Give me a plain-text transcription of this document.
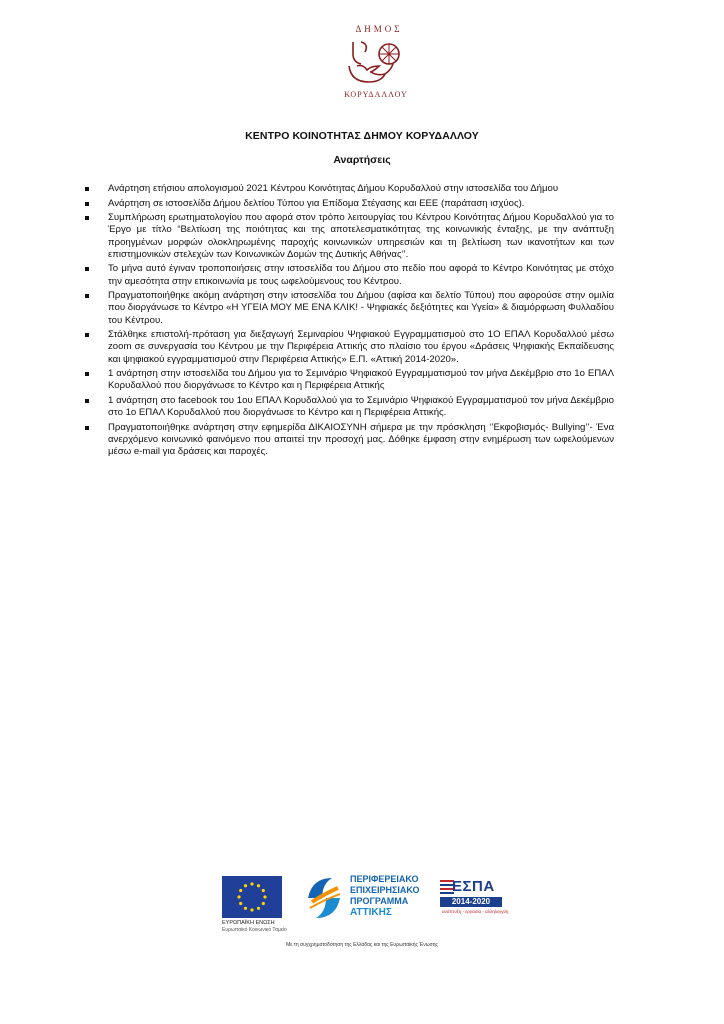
ΔΗΜΟΣ
ΚΟΡΥΔΑΛΛΟΥ
ΚΕΝΤΡΟ ΚΟΙΝΟΤΗΤΑΣ ΔΗΜΟΥ ΚΟΡΥΔΑΛΛΟΥ
Αναρτήσεις
Ανάρτηση ετήσιου απολογισμού 2021 Κέντρου Κοινότητας Δήμου Κορυδαλλού στην ιστοσελίδα του Δήμου
Ανάρτηση σε ιστοσελίδα Δήμου δελτίου Τύπου για Επίδομα Στέγασης και ΕΕΕ (παράταση ισχύος).
Συμπλήρωση ερωτηματολογίου που αφορά στον τρόπο λειτουργίας του Κέντρου Κοινότητας Δήμου Κορυδαλλού για το Έργο με τίτλο “Βελτίωση της ποιότητας και της αποτελεσματικότητας της κοινωνικής ένταξης, με την ανάπτυξη προηγμένων μορφών ολοκληρωμένης παροχής κοινωνικών υπηρεσιών και τη βελτίωση των ικανοτήτων και των επιστημονικών στελεχών των Κοινωνικών Δομών της Δυτικής Αθήνας’’.
Το μήνα αυτό έγιναν τροποποιήσεις στην ιστοσελίδα του Δήμου στο πεδίο που αφορά το Κέντρο Κοινότητας με στόχο την αμεσότητα στην επικοινωνία με τους ωφελούμενους του Κέντρου.
Πραγματοποιήθηκε ακόμη ανάρτηση στην ιστοσελίδα του Δήμου (αφίσα και δελτίο Τύπου) που αφορούσε στην ομιλία που διοργάνωσε το Κέντρο «Η ΥΓΕΙΑ ΜΟΥ ΜΕ ΕΝΑ ΚΛΙΚ! - Ψηφιακές δεξιότητες και Υγεία» & διαμόρφωση Φυλλαδίου του Κέντρου.
Στάλθηκε επιστολή-πρόταση για διεξαγωγή Σεμιναρίου Ψηφιακού Εγγραμματισμού στο 1Ο ΕΠΑΛ Κορυδαλλού μέσω zoom σε συνεργασία του Κέντρου με την Περιφέρεια Αττικής στο πλαίσιο του έργου «Δράσεις Ψηφιακής Εκπαίδευσης και ψηφιακού εγγραμματισμού στην Περιφέρεια Αττικής» Ε.Π. «Αττική 2014-2020».
1 ανάρτηση στην ιστοσελίδα του Δήμου για το Σεμινάριο Ψηφιακού Εγγραμματισμού τον μήνα Δεκέμβριο στο 1ο ΕΠΑΛ Κορυδαλλού που διοργάνωσε το Κέντρο και η Περιφέρεια Αττικής
1 ανάρτηση στο facebook του 1ου ΕΠΑΛ Κορυδαλλού για το Σεμινάριο Ψηφιακού Εγγραμματισμού τον μήνα Δεκέμβριο στο 1ο ΕΠΑΛ Κορυδαλλού που διοργάνωσε το Κέντρο και η Περιφέρεια Αττικής.
Πραγματοποιήθηκε ανάρτηση στην εφημερίδα ΔΙΚΑΙΟΣΥΝΗ σήμερα με την πρόσκληση ‘’Εκφοβισμός- Bullying’’- Ένα ανερχόμενο κοινωνικό φαινόμενο που απαιτεί την προσοχή μας. Δόθηκε έμφαση στην ενημέρωση των ωφελούμενων μέσω e-mail για δράσεις και παροχές.
ΕΥΡΩΠΑΪΚΗ ΕΝΩΣΗ
Ευρωπαϊκό Κοινωνικό Ταμείο
ΠΕΡΙΦΕΡΕΙΑΚΟ
ΕΠΙΧΕΙΡΗΣΙΑΚΟ
ΠΡΟΓΡΑΜΜΑ
ΑΤΤΙΚΗΣ
ΕΣΠΑ
2014-2020
ανάπτυξη - εργασία - αλληλεγγύη
Με τη συγχρηματοδότηση της Ελλάδας και της Ευρωπαϊκής Ένωσης
